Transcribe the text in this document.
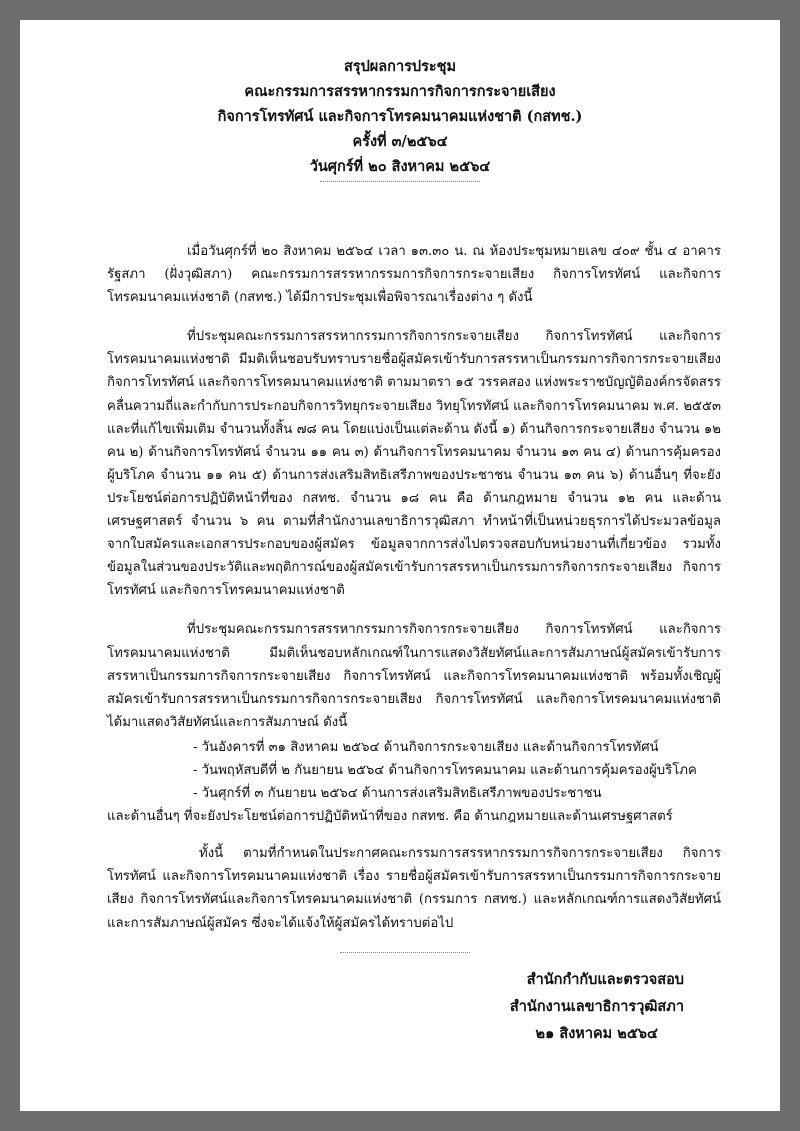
สรุปผลการประชุม
คณะกรรมการสรรหากรรมการกิจการกระจายเสียง
กิจการโทรทัศน์ และกิจการโทรคมนาคมแห่งชาติ (กสทช.)
ครั้งที่ ๓/๒๕๖๔
วันศุกร์ที่ ๒๐ สิงหาคม ๒๕๖๔

เมื่อวันศุกร์ที่ ๒๐ สิงหาคม ๒๕๖๔ เวลา ๑๓.๓๐ น. ณ ห้องประชุมหมายเลข ๔๐๙ ชั้น ๔ อาคารรัฐสภา (ฝั่งวุฒิสภา) คณะกรรมการสรรหากรรมการกิจการกระจายเสียง กิจการโทรทัศน์ และกิจการโทรคมนาคมแห่งชาติ (กสทช.) ได้มีการประชุมเพื่อพิจารณาเรื่องต่าง ๆ ดังนี้

ที่ประชุมคณะกรรมการสรรหากรรมการกิจการกระจายเสียง กิจการโทรทัศน์ และกิจการโทรคมนาคมแห่งชาติ มีมติเห็นชอบรับทราบรายชื่อผู้สมัครเข้ารับการสรรหาเป็นกรรมการกิจการกระจายเสียง กิจการโทรทัศน์ และกิจการโทรคมนาคมแห่งชาติ ตามมาตรา ๑๕ วรรคสอง แห่งพระราชบัญญัติองค์กรจัดสรรคลื่นความถี่และกำกับการประกอบกิจการวิทยุกระจายเสียง วิทยุโทรทัศน์ และกิจการโทรคมนาคม พ.ศ. ๒๕๕๓ และที่แก้ไขเพิ่มเติม จำนวนทั้งสิ้น ๗๘ คน โดยแบ่งเป็นแต่ละด้าน ดังนี้ ๑) ด้านกิจการกระจายเสียง จำนวน ๑๒ คน ๒) ด้านกิจการโทรทัศน์ จำนวน ๑๑ คน ๓) ด้านกิจการโทรคมนาคม จำนวน ๑๓ คน ๔) ด้านการคุ้มครองผู้บริโภค จำนวน ๑๑ คน ๕) ด้านการส่งเสริมสิทธิเสรีภาพของประชาชน จำนวน ๑๓ คน ๖) ด้านอื่นๆ ที่จะยังประโยชน์ต่อการปฏิบัติหน้าที่ของ กสทช. จำนวน ๑๘ คน คือ ด้านกฎหมาย จำนวน ๑๒ คน และด้านเศรษฐศาสตร์ จำนวน ๖ คน ตามที่สำนักงานเลขาธิการวุฒิสภา ทำหน้าที่เป็นหน่วยธุรการได้ประมวลข้อมูลจากใบสมัครและเอกสารประกอบของผู้สมัคร ข้อมูลจากการส่งไปตรวจสอบกับหน่วยงานที่เกี่ยวข้อง รวมทั้งข้อมูลในส่วนของประวัติและพฤติการณ์ของผู้สมัครเข้ารับการสรรหาเป็นกรรมการกิจการกระจายเสียง กิจการโทรทัศน์ และกิจการโทรคมนาคมแห่งชาติ

ที่ประชุมคณะกรรมการสรรหากรรมการกิจการกระจายเสียง กิจการโทรทัศน์ และกิจการโทรคมนาคมแห่งชาติ มีมติเห็นชอบหลักเกณฑ์ในการแสดงวิสัยทัศน์และการสัมภาษณ์ผู้สมัครเข้ารับการสรรหาเป็นกรรมการกิจการกระจายเสียง กิจการโทรทัศน์ และกิจการโทรคมนาคมแห่งชาติ พร้อมทั้งเชิญผู้สมัครเข้ารับการสรรหาเป็นกรรมการกิจการกระจายเสียง กิจการโทรทัศน์ และกิจการโทรคมนาคมแห่งชาติ ได้มาแสดงวิสัยทัศน์และการสัมภาษณ์ ดังนี้

- วันอังคารที่ ๓๑ สิงหาคม ๒๕๖๔ ด้านกิจการกระจายเสียง และด้านกิจการโทรทัศน์
- วันพฤหัสบดีที่ ๒ กันยายน ๒๕๖๔ ด้านกิจการโทรคมนาคม และด้านการคุ้มครองผู้บริโภค
- วันศุกร์ที่ ๓ กันยายน ๒๕๖๔ ด้านการส่งเสริมสิทธิเสรีภาพของประชาชน
และด้านอื่นๆ ที่จะยังประโยชน์ต่อการปฏิบัติหน้าที่ของ กสทช. คือ ด้านกฎหมายและด้านเศรษฐศาสตร์

ทั้งนี้ ตามที่กำหนดในประกาศคณะกรรมการสรรหากรรมการกิจการกระจายเสียง กิจการโทรทัศน์ และกิจการโทรคมนาคมแห่งชาติ เรื่อง รายชื่อผู้สมัครเข้ารับการสรรหาเป็นกรรมการกิจการกระจายเสียง กิจการโทรทัศน์และกิจการโทรคมนาคมแห่งชาติ (กรรมการ กสทช.) และหลักเกณฑ์การแสดงวิสัยทัศน์และการสัมภาษณ์ผู้สมัคร ซึ่งจะได้แจ้งให้ผู้สมัครได้ทราบต่อไป

สำนักกำกับและตรวจสอบ
สำนักงานเลขาธิการวุฒิสภา
๒๑ สิงหาคม ๒๕๖๔
